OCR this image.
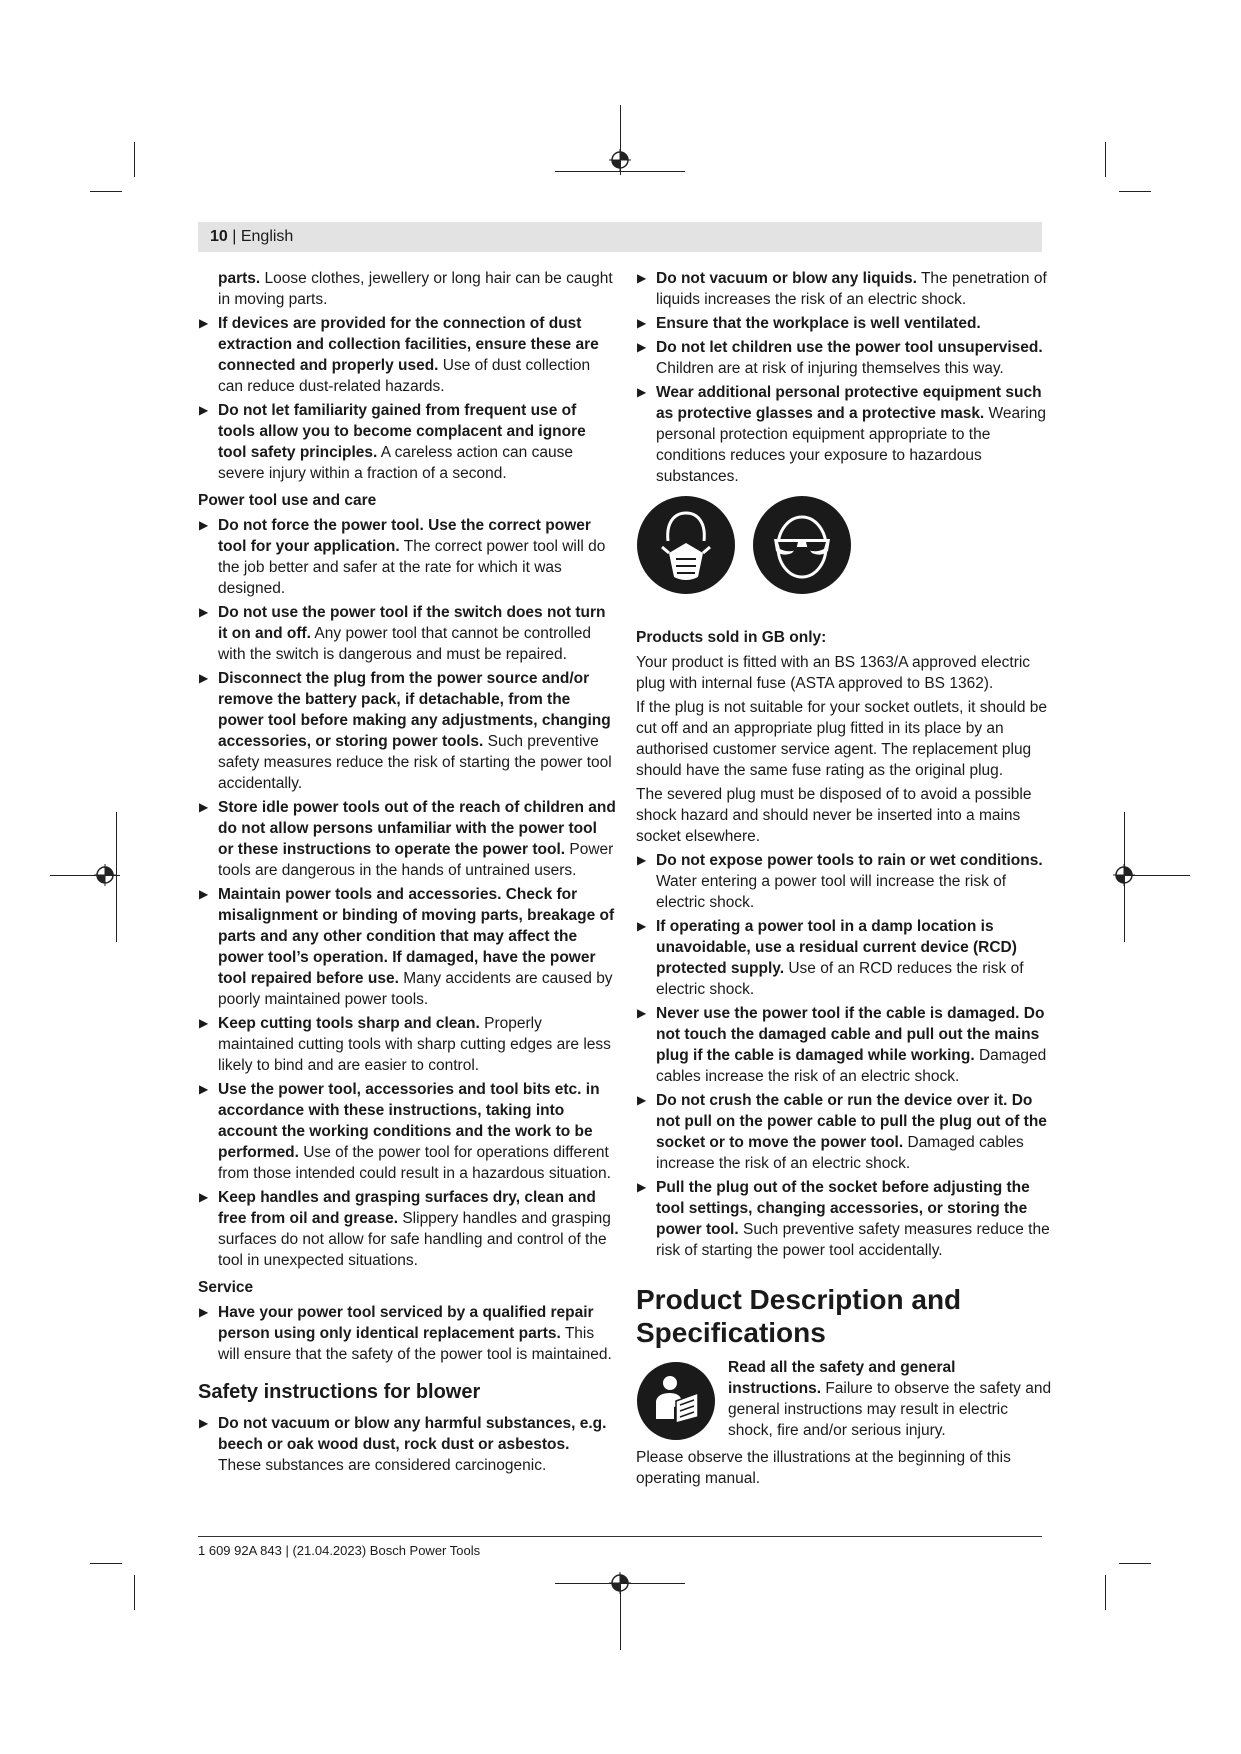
10 | English

parts. Loose clothes, jewellery or long hair can be caught in moving parts.

▶ If devices are provided for the connection of dust extraction and collection facilities, ensure these are connected and properly used. Use of dust collection can reduce dust-related hazards.
▶ Do not let familiarity gained from frequent use of tools allow you to become complacent and ignore tool safety principles. A careless action can cause severe injury within a fraction of a second.
Power tool use and care
▶ Do not force the power tool. Use the correct power tool for your application. The correct power tool will do the job better and safer at the rate for which it was designed.
▶ Do not use the power tool if the switch does not turn it on and off. Any power tool that cannot be controlled with the switch is dangerous and must be repaired.
▶ Disconnect the plug from the power source and/or remove the battery pack, if detachable, from the power tool before making any adjustments, changing accessories, or storing power tools. Such preventive safety measures reduce the risk of starting the power tool accidentally.
▶ Store idle power tools out of the reach of children and do not allow persons unfamiliar with the power tool or these instructions to operate the power tool. Power tools are dangerous in the hands of untrained users.
▶ Maintain power tools and accessories. Check for misalignment or binding of moving parts, breakage of parts and any other condition that may affect the power tool’s operation. If damaged, have the power tool repaired before use. Many accidents are caused by poorly maintained power tools.
▶ Keep cutting tools sharp and clean. Properly maintained cutting tools with sharp cutting edges are less likely to bind and are easier to control.
▶ Use the power tool, accessories and tool bits etc. in accordance with these instructions, taking into account the working conditions and the work to be performed. Use of the power tool for operations different from those intended could result in a hazardous situation.
▶ Keep handles and grasping surfaces dry, clean and free from oil and grease. Slippery handles and grasping surfaces do not allow for safe handling and control of the tool in unexpected situations.
Service
▶ Have your power tool serviced by a qualified repair person using only identical replacement parts. This will ensure that the safety of the power tool is maintained.
Safety instructions for blower
▶ Do not vacuum or blow any harmful substances, e.g. beech or oak wood dust, rock dust or asbestos. These substances are considered carcinogenic.
▶ Do not vacuum or blow any liquids. The penetration of liquids increases the risk of an electric shock.
▶ Ensure that the workplace is well ventilated.
▶ Do not let children use the power tool unsupervised. Children are at risk of injuring themselves this way.
▶ Wear additional personal protective equipment such as protective glasses and a protective mask. Wearing personal protection equipment appropriate to the conditions reduces your exposure to hazardous substances.

Products sold in GB only:

Your product is fitted with an BS 1363/A approved electric plug with internal fuse (ASTA approved to BS 1362).

If the plug is not suitable for your socket outlets, it should be cut off and an appropriate plug fitted in its place by an authorised customer service agent. The replacement plug should have the same fuse rating as the original plug.

The severed plug must be disposed of to avoid a possible shock hazard and should never be inserted into a mains socket elsewhere.

▶ Do not expose power tools to rain or wet conditions. Water entering a power tool will increase the risk of electric shock.
▶ If operating a power tool in a damp location is unavoidable, use a residual current device (RCD) protected supply. Use of an RCD reduces the risk of electric shock.
▶ Never use the power tool if the cable is damaged. Do not touch the damaged cable and pull out the mains plug if the cable is damaged while working. Damaged cables increase the risk of an electric shock.
▶ Do not crush the cable or run the device over it. Do not pull on the power cable to pull the plug out of the socket or to move the power tool. Damaged cables increase the risk of an electric shock.
▶ Pull the plug out of the socket before adjusting the tool settings, changing accessories, or storing the power tool. Such preventive safety measures reduce the risk of starting the power tool accidentally.
Product Description and Specifications
Read all the safety and general instructions. Failure to observe the safety and general instructions may result in electric shock, fire and/or serious injury.

Please observe the illustrations at the beginning of this operating manual.

1 609 92A 843 | (21.04.2023) Bosch Power Tools
